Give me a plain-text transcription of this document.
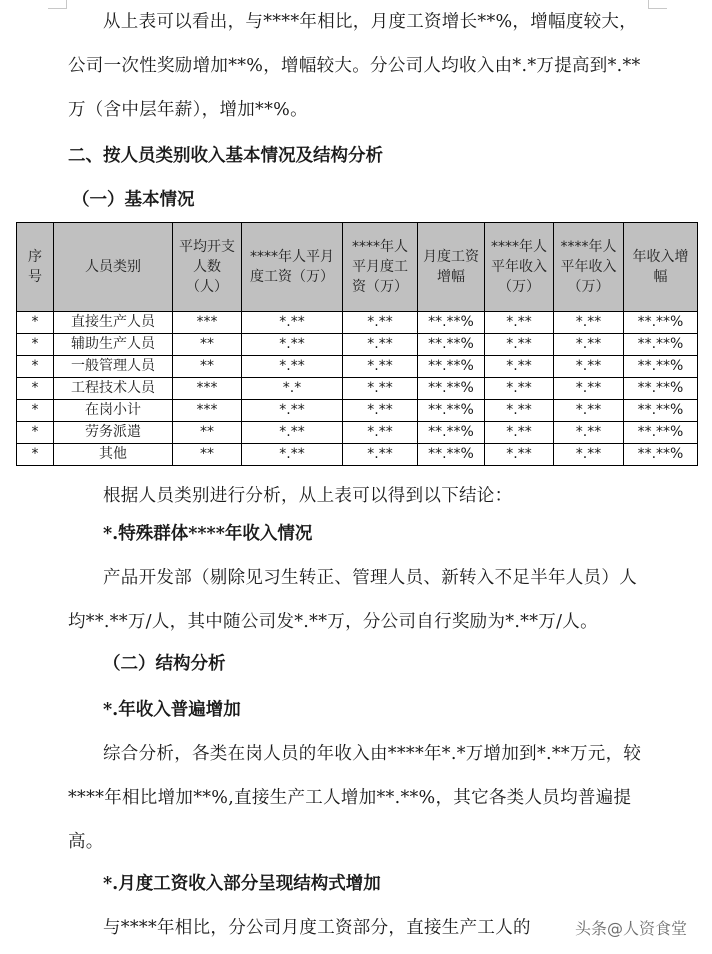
从上表可以看出，与****年相比，月度工资增长**%，增幅度较大，公司一次性奖励增加**%，增幅较大。分公司人均收入由*.*万提高到*.**万（含中层年薪），增加**%。

二、按人员类别收入基本情况及结构分析
（一）基本情况
序号	人员类别	平均开支人数（人）	****年人平月度工资（万）	****年人平月度工资（万）	月度工资增幅	****年人平年收入（万）	****年人平年收入（万）	年收入增幅
*	直接生产人员	***	*.**	*.**	**.**%	*.**	*.**	**.**%
*	辅助生产人员	**	*.**	*.**	**.**%	*.**	*.**	**.**%
*	一般管理人员	**	*.**	*.**	**.**%	*.**	*.**	**.**%
*	工程技术人员	***	*.*	*.**	**.**%	*.**	*.**	**.**%
*	在岗小计	***	*.**	*.**	**.**%	*.**	*.**	**.**%
*	劳务派遣	**	*.**	*.**	**.**%	*.**	*.**	**.**%
*	其他	**	*.**	*.**	**.**%	*.**	*.**	**.**%

根据人员类别进行分析，从上表可以得到以下结论：

*.特殊群体****年收入情况

产品开发部（剔除见习生转正、管理人员、新转入不足半年人员）人均**.**万/人，其中随公司发*.**万，分公司自行奖励为*.**万/人。

（二）结构分析
*.年收入普遍增加

综合分析，各类在岗人员的年收入由****年*.*万增加到*.**万元，较****年相比增加**%,直接生产工人增加**.**%，其它各类人员均普遍提高。

*.月度工资收入部分呈现结构式增加

与****年相比，分公司月度工资部分，直接生产工人的	头条@人资食堂
